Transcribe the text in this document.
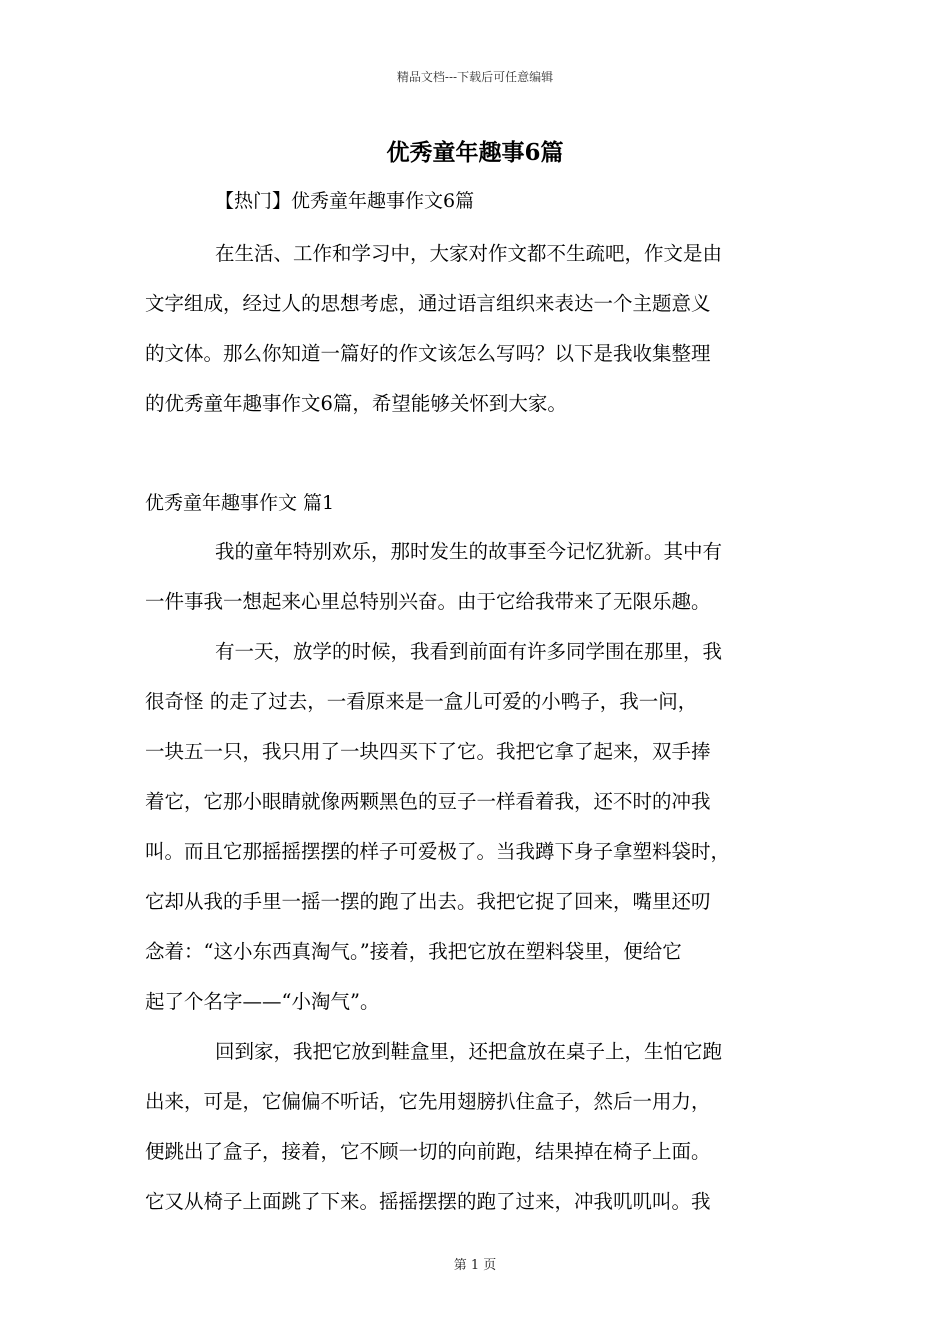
精品文档---下载后可任意编辑
优秀童年趣事6篇
【热门】优秀童年趣事作文6篇
在生活、工作和学习中，大家对作文都不生疏吧，作文是由
文字组成，经过人的思想考虑，通过语言组织来表达一个主题意义
的文体。那么你知道一篇好的作文该怎么写吗？以下是我收集整理
的优秀童年趣事作文6篇，希望能够关怀到大家。
优秀童年趣事作文 篇1
我的童年特别欢乐，那时发生的故事至今记忆犹新。其中有
一件事我一想起来心里总特别兴奋。由于它给我带来了无限乐趣。
有一天，放学的时候，我看到前面有许多同学围在那里，我
很奇怪 的走了过去，一看原来是一盒儿可爱的小鸭子，我一问，
一块五一只，我只用了一块四买下了它。我把它拿了起来，双手捧
着它，它那小眼睛就像两颗黑色的豆子一样看着我，还不时的冲我
叫。而且它那摇摇摆摆的样子可爱极了。当我蹲下身子拿塑料袋时，
它却从我的手里一摇一摆的跑了出去。我把它捉了回来，嘴里还叨
念着：“这小东西真淘气。”接着，我把它放在塑料袋里，便给它
起了个名字——“小淘气”。
回到家，我把它放到鞋盒里，还把盒放在桌子上，生怕它跑
出来，可是，它偏偏不听话，它先用翅膀扒住盒子，然后一用力，
便跳出了盒子，接着，它不顾一切的向前跑，结果掉在椅子上面。
它又从椅子上面跳了下来。摇摇摆摆的跑了过来，冲我叽叽叫。我
第 1 页
